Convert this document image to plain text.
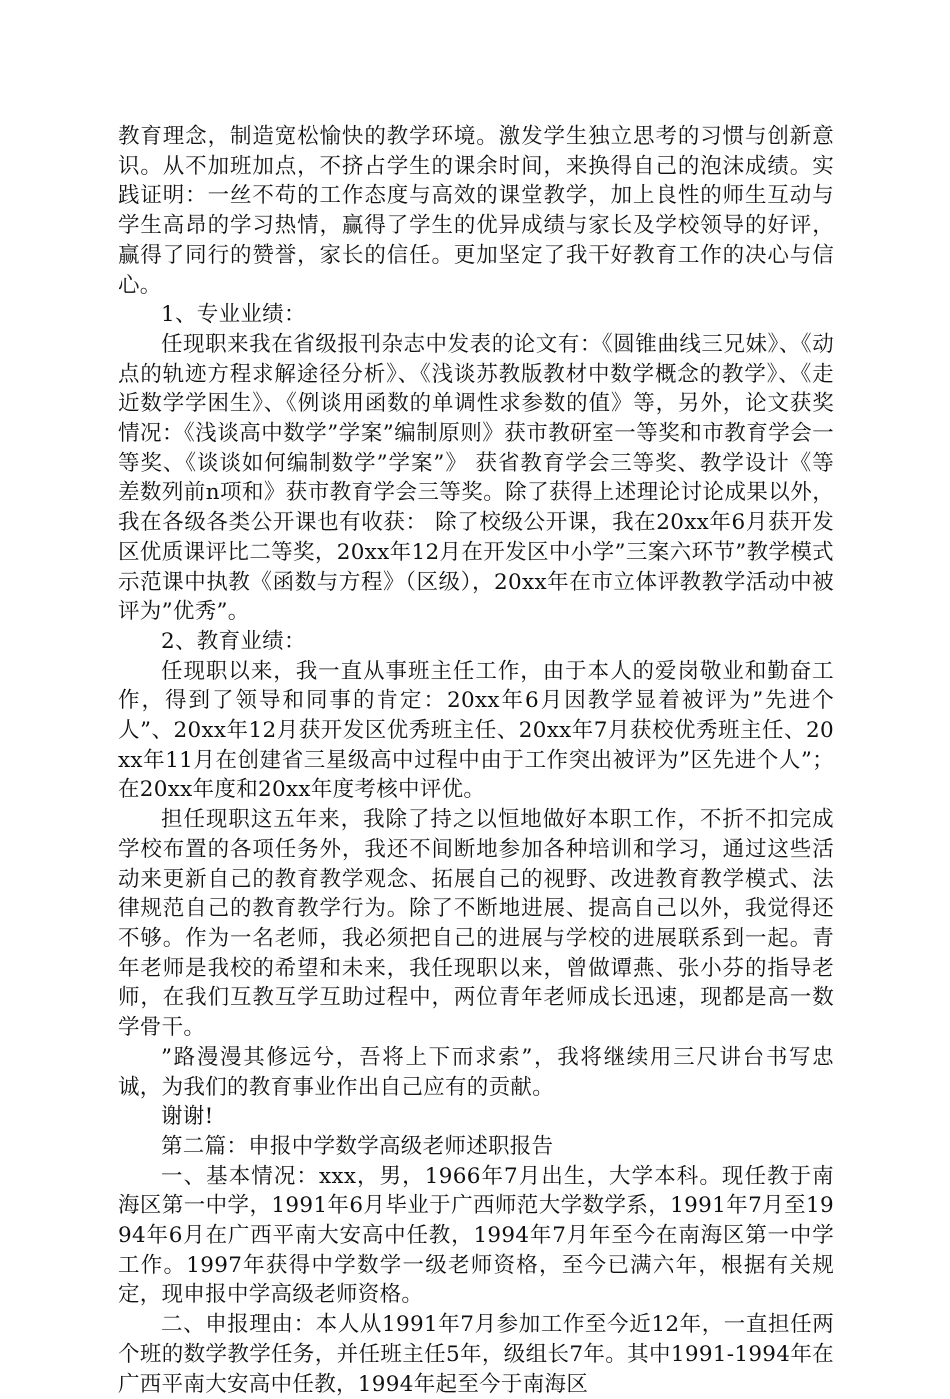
教育理念，制造宽松愉快的教学环境。激发学生独立思考的习惯与创新意识。从不加班加点，不挤占学生的课余时间，来换得自己的泡沫成绩。实践证明：一丝不苟的工作态度与高效的课堂教学，加上良性的师生互动与学生高昂的学习热情，赢得了学生的优异成绩与家长及学校领导的好评，赢得了同行的赞誉，家长的信任。更加坚定了我干好教育工作的决心与信心。

1、专业业绩：

任现职来我在省级报刊杂志中发表的论文有：《圆锥曲线三兄妹》、《动点的轨迹方程求解途径分析》、《浅谈苏教版教材中数学概念的教学》、《走近数学学困生》、《例谈用函数的单调性求参数的值》等，另外，论文获奖情况：《浅谈高中数学”学案”编制原则》获市教研室一等奖和市教育学会一等奖、《谈谈如何编制数学”学案”》 获省教育学会三等奖、教学设计《等差数列前n项和》获市教育学会三等奖。除了获得上述理论讨论成果以外，我在各级各类公开课也有收获： 除了校级公开课，我在20xx年6月获开发区优质课评比二等奖，20xx年12月在开发区中小学”三案六环节”教学模式示范课中执教《函数与方程》（区级），20xx年在市立体评教教学活动中被评为”优秀”。

2、教育业绩：

任现职以来，我一直从事班主任工作，由于本人的爱岗敬业和勤奋工作，得到了领导和同事的肯定：20xx年6月因教学显着被评为”先进个人”、20xx年12月获开发区优秀班主任、20xx年7月获校优秀班主任、20xx年11月在创建省三星级高中过程中由于工作突出被评为”区先进个人”；在20xx年度和20xx年度考核中评优。

担任现职这五年来，我除了持之以恒地做好本职工作，不折不扣完成学校布置的各项任务外，我还不间断地参加各种培训和学习，通过这些活动来更新自己的教育教学观念、拓展自己的视野、改进教育教学模式、法律规范自己的教育教学行为。除了不断地进展、提高自己以外，我觉得还不够。作为一名老师，我必须把自己的进展与学校的进展联系到一起。青年老师是我校的希望和未来，我任现职以来，曾做谭燕、张小芬的指导老师，在我们互教互学互助过程中，两位青年老师成长迅速，现都是高一数学骨干。

”路漫漫其修远兮，吾将上下而求索”，我将继续用三尺讲台书写忠诚，为我们的教育事业作出自己应有的贡献。

谢谢!

第二篇：申报中学数学高级老师述职报告

一、基本情况：xxx，男，1966年7月出生，大学本科。现任教于南海区第一中学，1991年6月毕业于广西师范大学数学系，1991年7月至1994年6月在广西平南大安高中任教，1994年7月年至今在南海区第一中学工作。1997年获得中学数学一级老师资格，至今已满六年，根据有关规定，现申报中学高级老师资格。

二、申报理由：本人从1991年7月参加工作至今近12年，一直担任两个班的数学教学任务，并任班主任5年，级组长7年。其中1991-1994年在广西平南大安高中任教，1994年起至今于南海区
